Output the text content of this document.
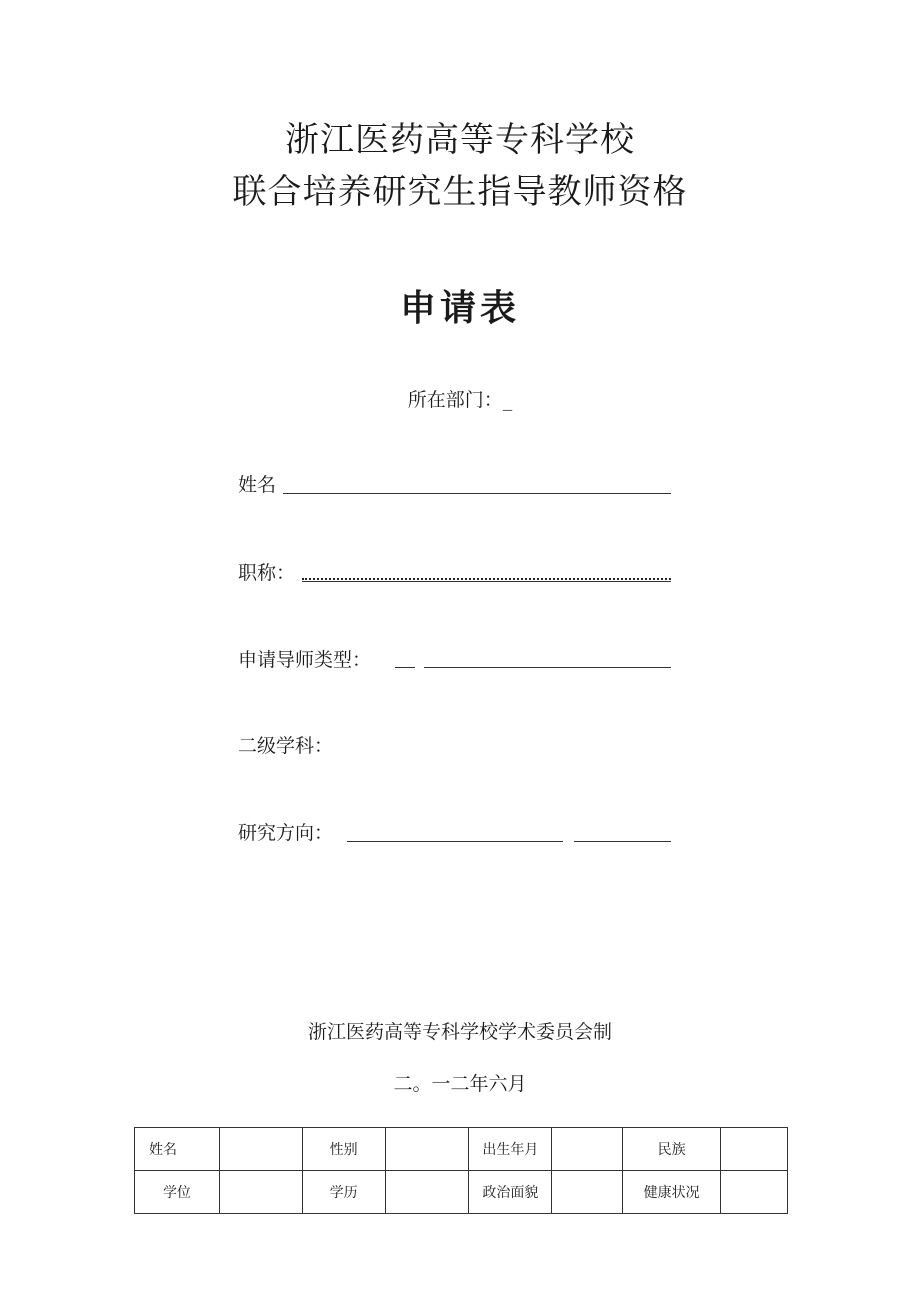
浙江医药高等专科学校
联合培养研究生指导教师资格
申请表
所在部门：_
姓名
职称：
申请导师类型：
二级学科：
研究方向：
浙江医药高等专科学校学术委员会制
二。一二年六月
姓名		性别		出生年月		民族	
学位		学历		政治面貌		健康状况	
